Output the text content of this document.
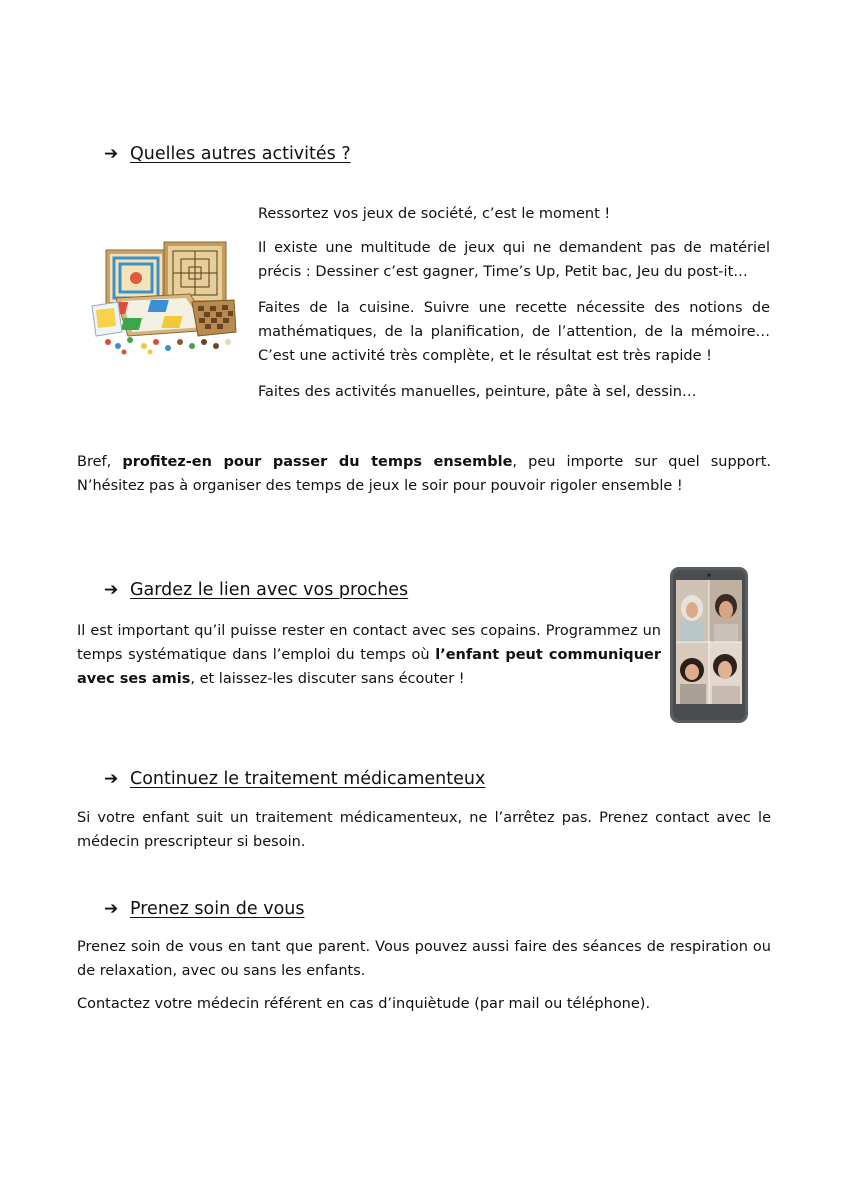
➔ Quelles autres activités ?

Ressortez vos jeux de société, c’est le moment !

Il existe une multitude de jeux qui ne demandent pas de matériel précis : Dessiner c’est gagner, Time’s Up, Petit bac, Jeu du post-it…

Faites de la cuisine. Suivre une recette nécessite des notions de mathématiques, de la planification, de l’attention, de la mémoire… C’est une activité très complète, et le résultat est très rapide !

Faites des activités manuelles, peinture, pâte à sel, dessin…

Bref, profitez-en pour passer du temps ensemble, peu importe sur quel support. N’hésitez pas à organiser des temps de jeux le soir pour pouvoir rigoler ensemble !

➔ Gardez le lien avec vos proches

Il est important qu’il puisse rester en contact avec ses copains. Programmez un temps systématique dans l’emploi du temps où l’enfant peut communiquer avec ses amis, et laissez-les discuter sans écouter !

➔ Continuez le traitement médicamenteux

Si votre enfant suit un traitement médicamenteux, ne l’arrêtez pas. Prenez contact avec le médecin prescripteur si besoin.

➔ Prenez soin de vous

Prenez soin de vous en tant que parent. Vous pouvez aussi faire des séances de respiration ou de relaxation, avec ou sans les enfants.

Contactez votre médecin référent en cas d’inquiètude (par mail ou téléphone).
